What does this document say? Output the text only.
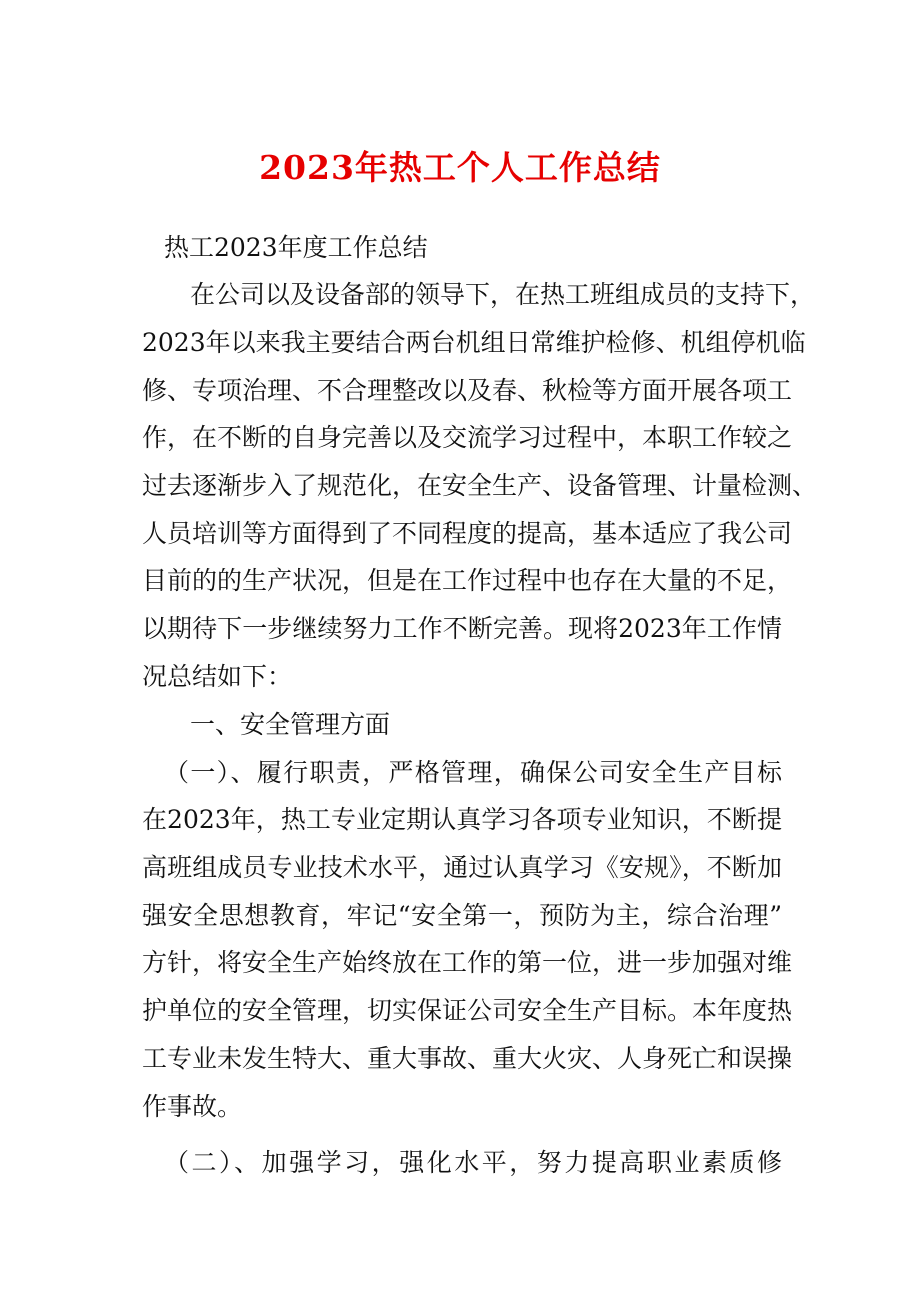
2023年热工个人工作总结
热工2023年度工作总结
在公司以及设备部的领导下，在热工班组成员的支持下，
2023年以来我主要结合两台机组日常维护检修、机组停机临
修、专项治理、不合理整改以及春、秋检等方面开展各项工
作，在不断的自身完善以及交流学习过程中，本职工作较之
过去逐渐步入了规范化，在安全生产、设备管理、计量检测、
人员培训等方面得到了不同程度的提高，基本适应了我公司
目前的的生产状况，但是在工作过程中也存在大量的不足，
以期待下一步继续努力工作不断完善。现将2023年工作情
况总结如下：
一、安全管理方面
（一）、履行职责，严格管理，确保公司安全生产目标
在2023年，热工专业定期认真学习各项专业知识，不断提
高班组成员专业技术水平，通过认真学习《安规》，不断加
强安全思想教育，牢记“安全第一，预防为主，综合治理”
方针，将安全生产始终放在工作的第一位，进一步加强对维
护单位的安全管理，切实保证公司安全生产目标。本年度热
工专业未发生特大、重大事故、重大火灾、人身死亡和误操
作事故。
（二）、加强学习，强化水平，努力提高职业素质修
